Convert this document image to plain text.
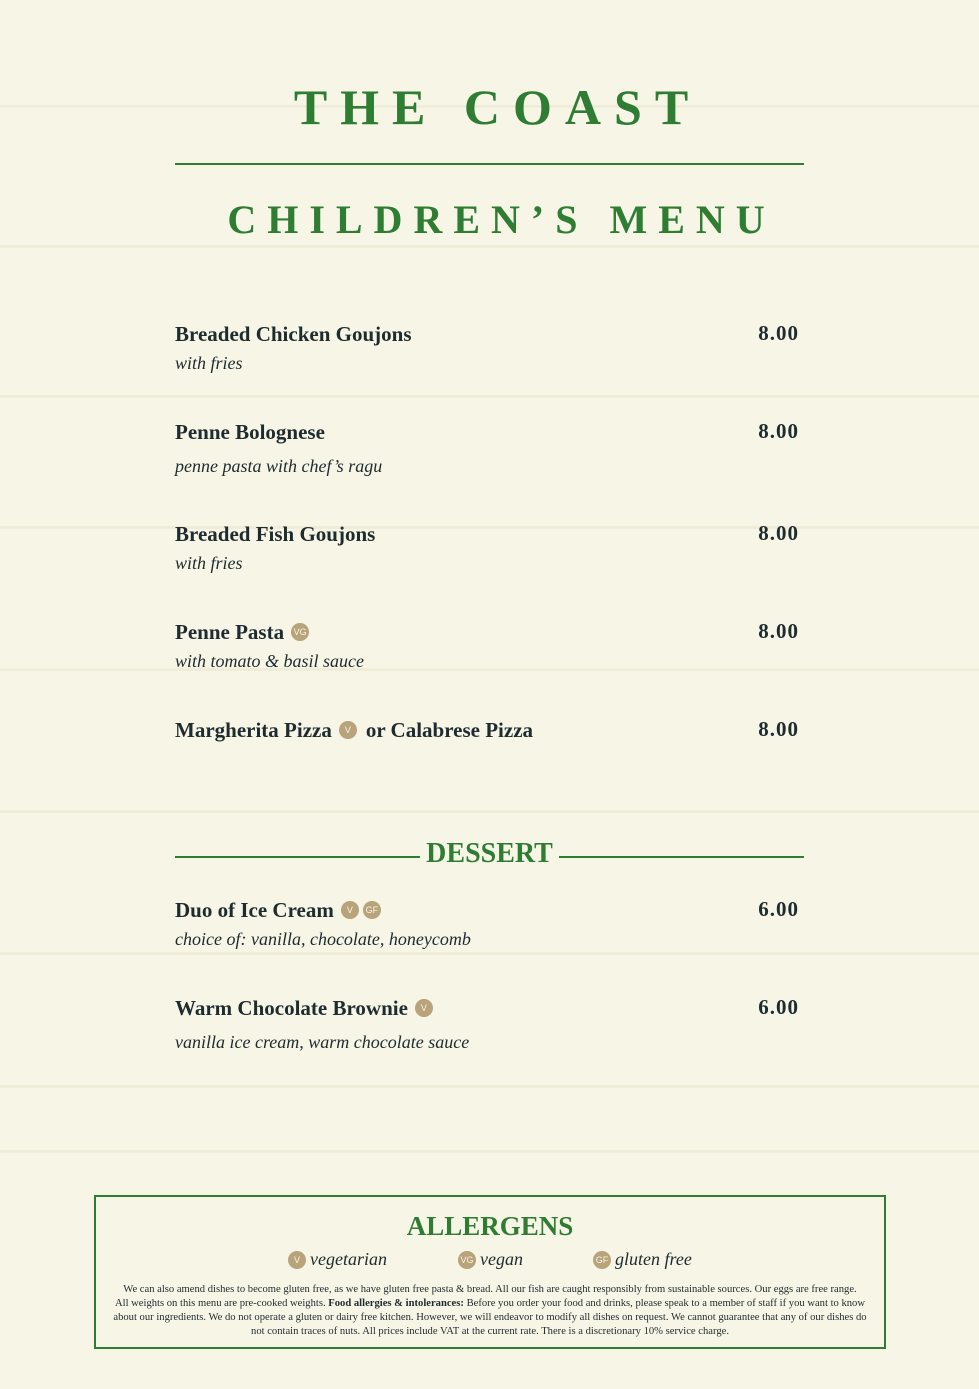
THE COAST
CHILDREN’S MENU
Breaded Chicken Goujons
with fries
8.00
Penne Bolognese
penne pasta with chef’s ragu
8.00
Breaded Fish Goujons
with fries
8.00
Penne Pasta VG
with tomato & basil sauce
8.00
Margherita Pizza	V or Calabrese Pizza	8.00
DESSERT
Duo of Ice Cream	V	GF
choice of: vanilla, chocolate, honeycomb
6.00
Warm Chocolate Brownie	V
vanilla ice cream, warm chocolate sauce
6.00
ALLERGENS
V vegetarian	VG vegan	GF gluten free
We can also amend dishes to become gluten free, as we have gluten free pasta & bread. All our fish are caught responsibly from sustainable sources. Our eggs are free range.
All weights on this menu are pre-cooked weights. Food allergies & intolerances: Before you order your food and drinks, please speak to a member of staff if you want to know about our ingredients. We do not operate a gluten or dairy free kitchen. However, we will endeavor to modify all dishes on request. We cannot guarantee that any of our dishes do not contain traces of nuts. All prices include VAT at the current rate. There is a discretionary 10% service charge.
